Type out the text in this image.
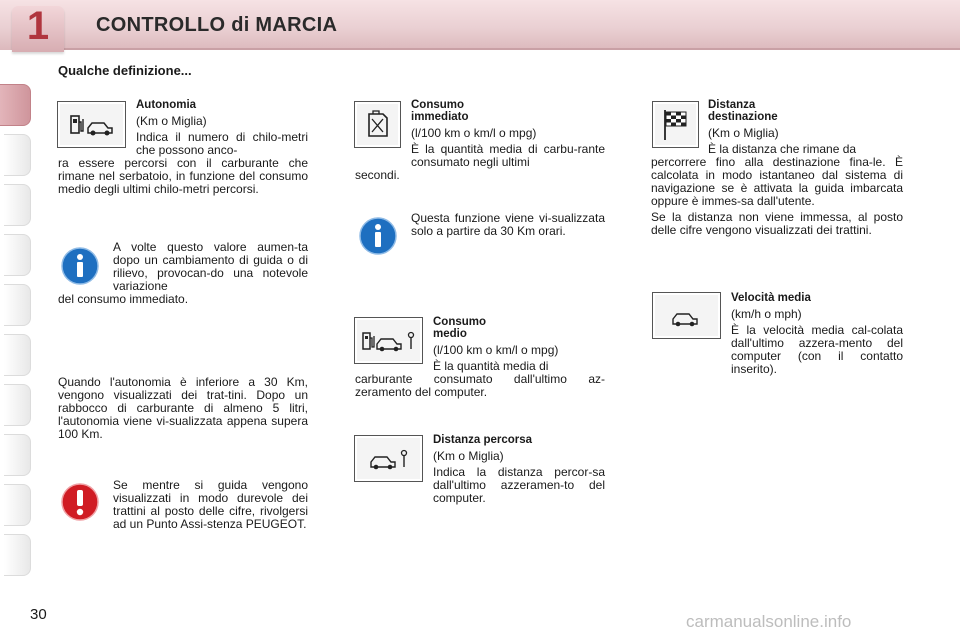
1	CONTROLLO di MARCIA
Qualche definizione...

Autonomia

(Km o Miglia)

Indica il numero di chilo-metri che possono anco-

ra essere percorsi con il carburante che rimane nel serbatoio, in funzione del consumo medio degli ultimi chilo-metri percorsi.

A volte questo valore aumen-ta dopo un cambiamento di guida o di rilievo, provocan-do una notevole variazione

del consumo immediato.

Quando l'autonomia è inferiore a 30 Km, vengono visualizzati dei trat-tini. Dopo un rabbocco di carburante di almeno 5 litri, l'autonomia viene vi-sualizzata appena supera 100 Km.
Se mentre si guida vengono visualizzati in modo durevole dei trattini al posto delle cifre, rivolgersi ad un Punto Assi-stenza PEUGEOT.

Consumo

immediato

(l/100 km o km/l o mpg)

È la quantità media di carbu-rante consumato negli ultimi

secondi.

Questa funzione viene vi-sualizzata solo a partire da 30 Km orari.

Consumo

medio

(l/100 km o km/l o mpg)

È la quantità media di

carburante consumato dall'ultimo az-zeramento del computer.

Distanza percorsa

(Km o Miglia)

Indica la distanza percor-sa dall'ultimo azzeramen-to del computer.

Distanza

destinazione

(Km o Miglia)

È la distanza che rimane da

percorrere fino alla destinazione fina-le. È calcolata in modo istantaneo dal sistema di navigazione se è attivata la guida imbarcata oppure è immes-sa dall'utente.

Se la distanza non viene immessa, al posto delle cifre vengono visualizzati dei trattini.

Velocità media

(km/h o mph)

È la velocità media cal-colata dall'ultimo azzera-mento del computer (con il contatto inserito).

30	carmanualsonline.info
